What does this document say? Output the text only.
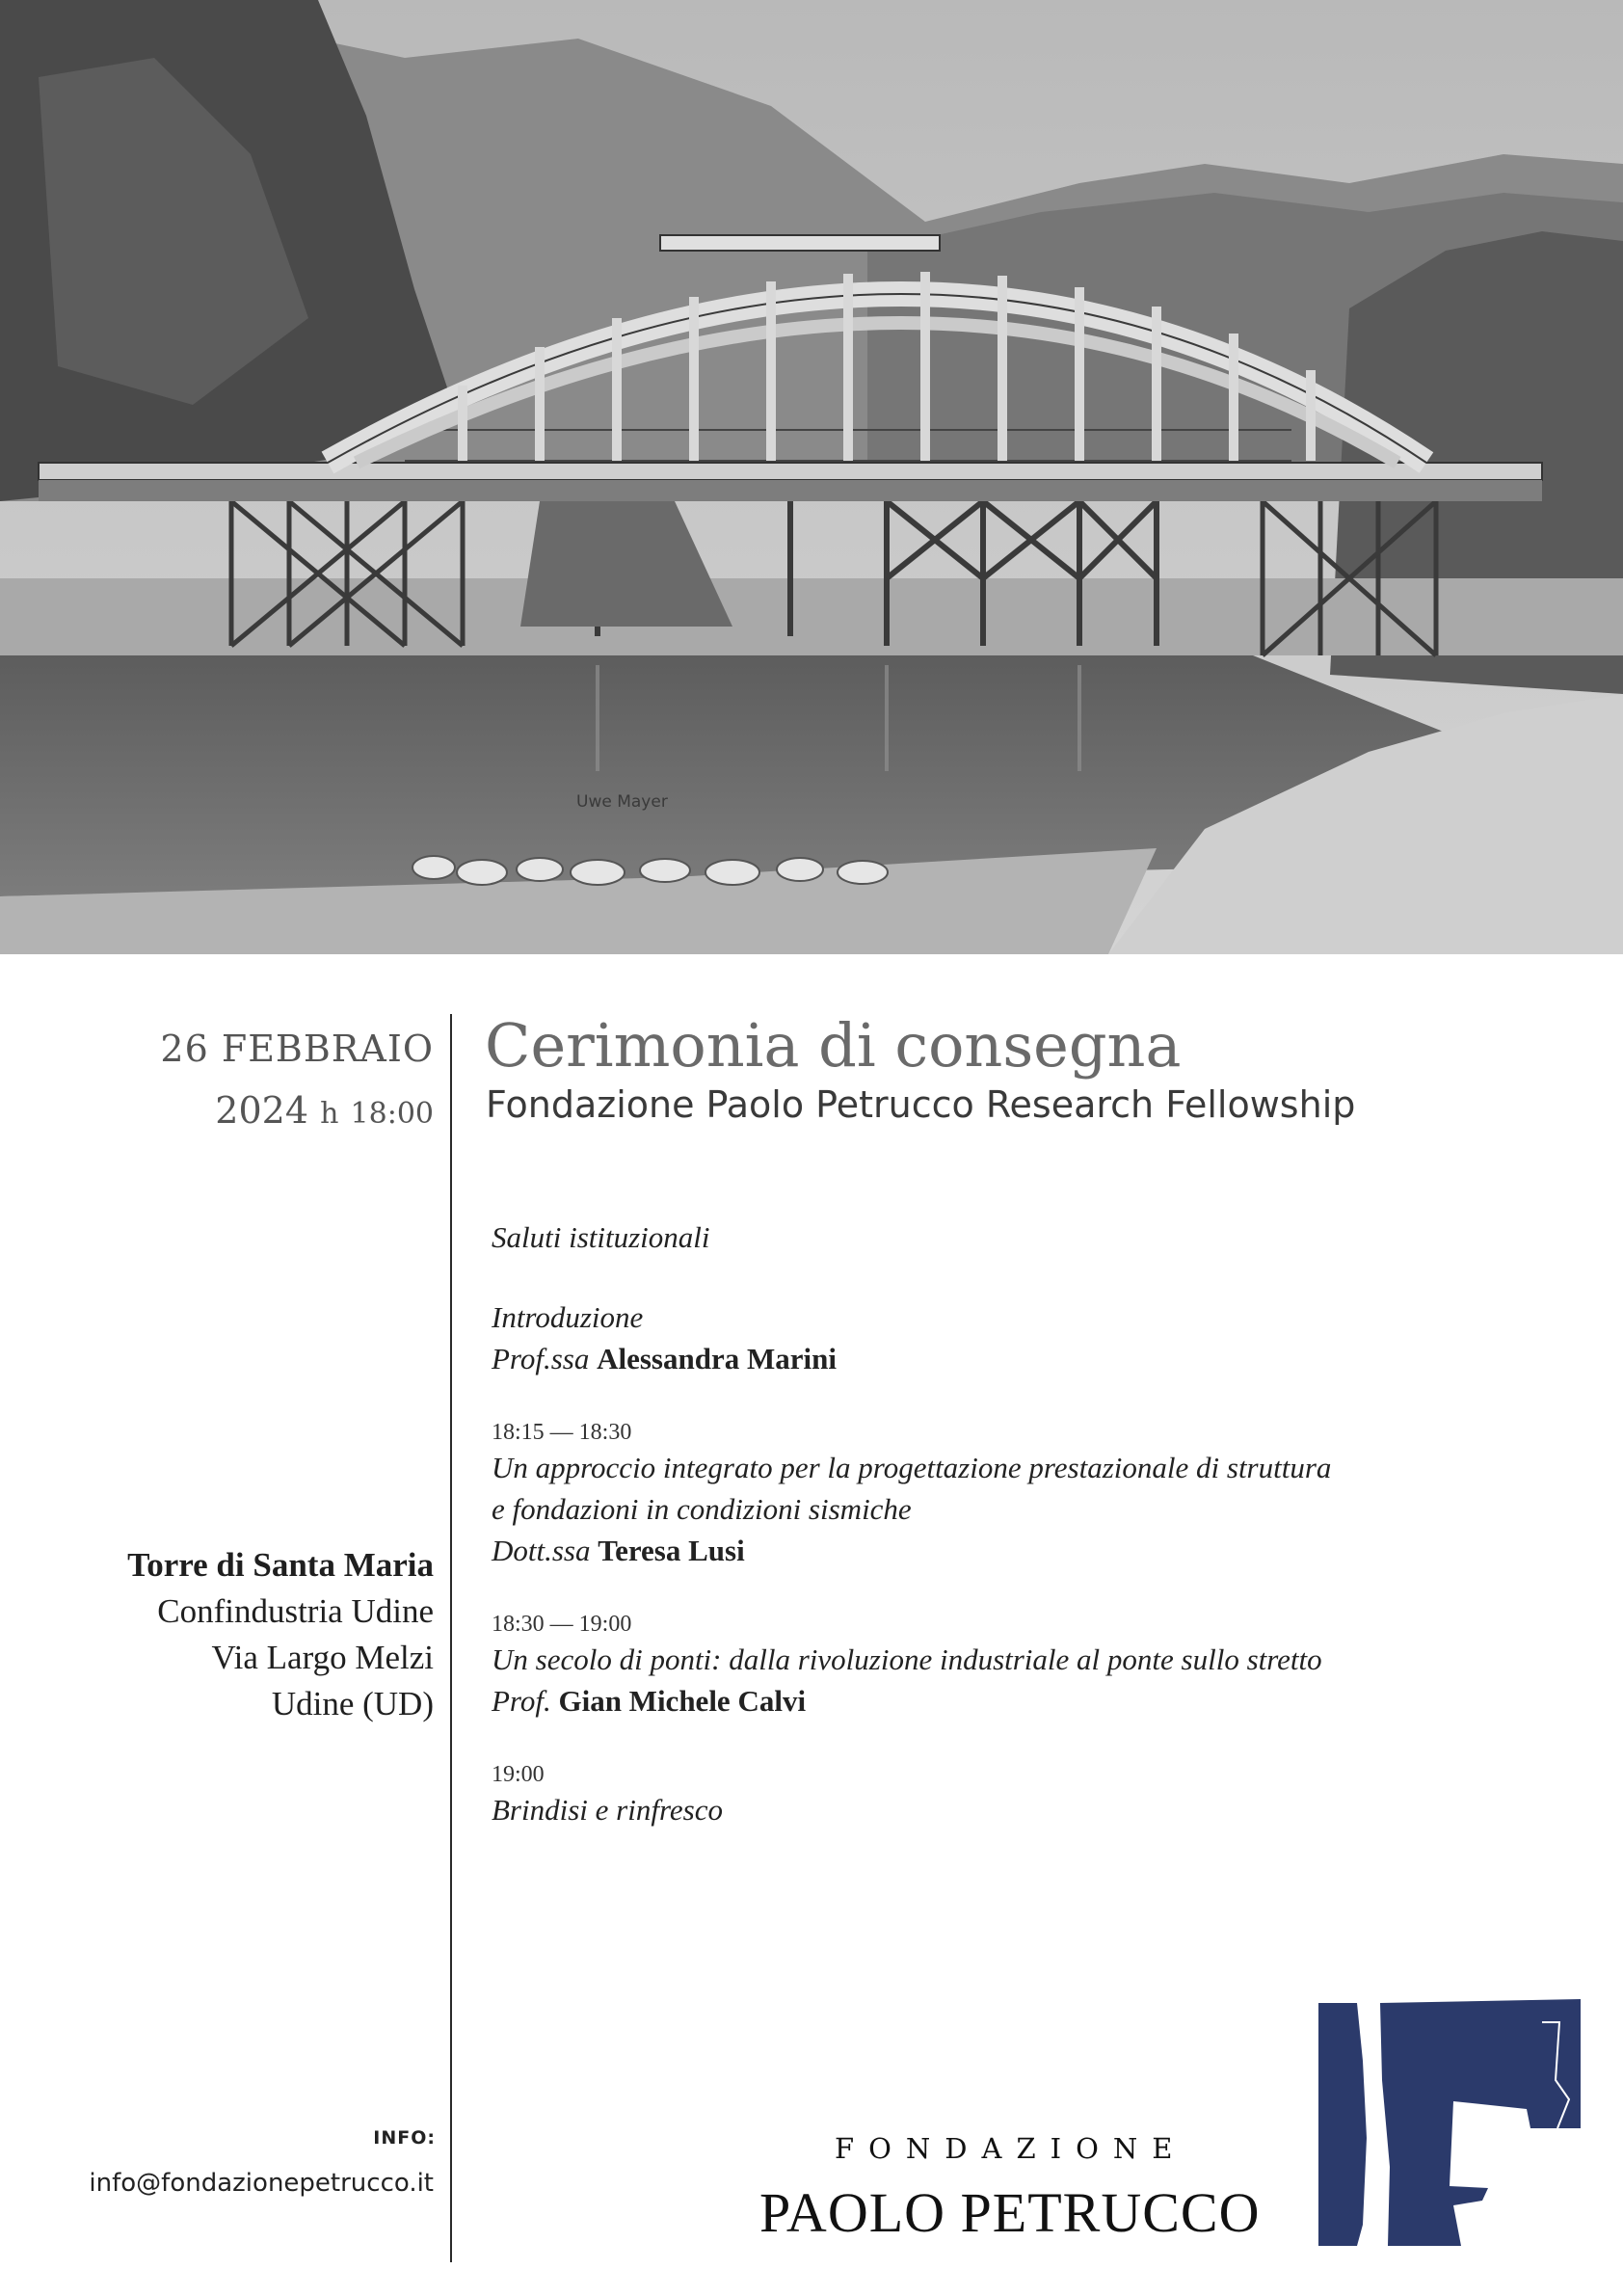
Uwe Mayer
26 FEBBRAIO
2024 h 18:00
Torre di Santa Maria
Confindustria Udine
Via Largo Melzi
Udine (UD)
INFO:
info@fondazionepetrucco.it
Cerimonia di consegna
Fondazione Paolo Petrucco Research Fellowship
Saluti istituzionali
Introduzione
Prof.ssa Alessandra Marini
18:15 — 18:30
Un approccio integrato per la progettazione prestazionale di struttura
e fondazioni in condizioni sismiche
Dott.ssa Teresa Lusi
18:30 — 19:00
Un secolo di ponti: dalla rivoluzione industriale al ponte sullo stretto
Prof. Gian Michele Calvi
19:00
Brindisi e rinfresco
FONDAZIONE
PAOLO PETRUCCO
